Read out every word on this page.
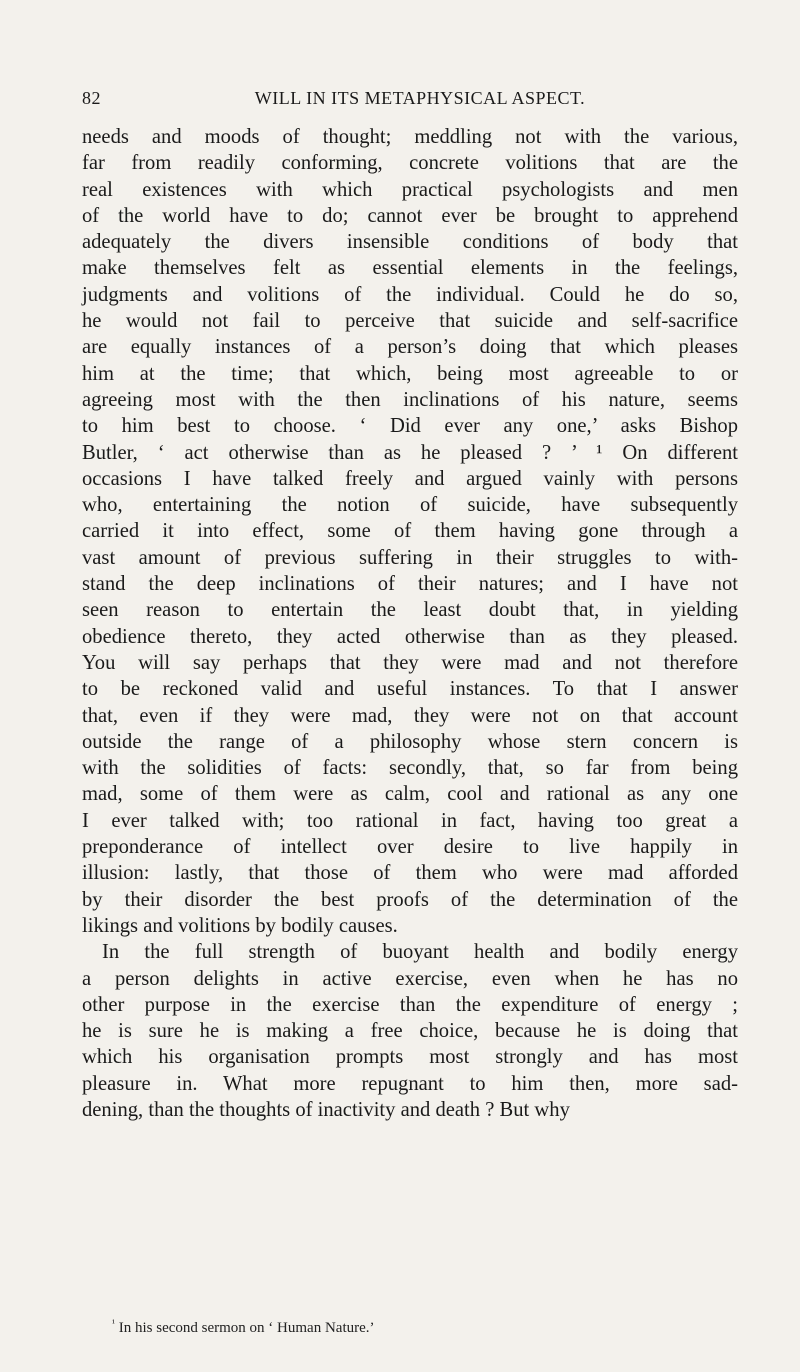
82	WILL IN ITS METAPHYSICAL ASPECT.
needs and moods of thought; meddling not with the various,
far from readily conforming, concrete volitions that are the
real existences with which practical psychologists and men
of the world have to do; cannot ever be brought to apprehend
adequately the divers insensible conditions of body that
make themselves felt as essential elements in the feelings,
judgments and volitions of the individual. Could he do so,
he would not fail to perceive that suicide and self-sacrifice
are equally instances of a person’s doing that which pleases
him at the time; that which, being most agreeable to or
agreeing most with the then inclinations of his nature, seems
to him best to choose. ‘ Did ever any one,’ asks Bishop
Butler, ‘ act otherwise than as he pleased ? ’ ¹ On different
occasions I have talked freely and argued vainly with persons
who, entertaining the notion of suicide, have subsequently
carried it into effect, some of them having gone through a
vast amount of previous suffering in their struggles to with-
stand the deep inclinations of their natures; and I have not
seen reason to entertain the least doubt that, in yielding
obedience thereto, they acted otherwise than as they pleased.
You will say perhaps that they were mad and not therefore
to be reckoned valid and useful instances. To that I answer
that, even if they were mad, they were not on that account
outside the range of a philosophy whose stern concern is
with the solidities of facts: secondly, that, so far from being
mad, some of them were as calm, cool and rational as any one
I ever talked with; too rational in fact, having too great a
preponderance of intellect over desire to live happily in
illusion: lastly, that those of them who were mad afforded
by their disorder the best proofs of the determination of the
likings and volitions by bodily causes.
In the full strength of buoyant health and bodily energy
a person delights in active exercise, even when he has no
other purpose in the exercise than the expenditure of energy ;
he is sure he is making a free choice, because he is doing that
which his organisation prompts most strongly and has most
pleasure in. What more repugnant to him then, more sad-
dening, than the thoughts of inactivity and death ? But why
$^{^1}$ In his second sermon on ‘ Human Nature.’
